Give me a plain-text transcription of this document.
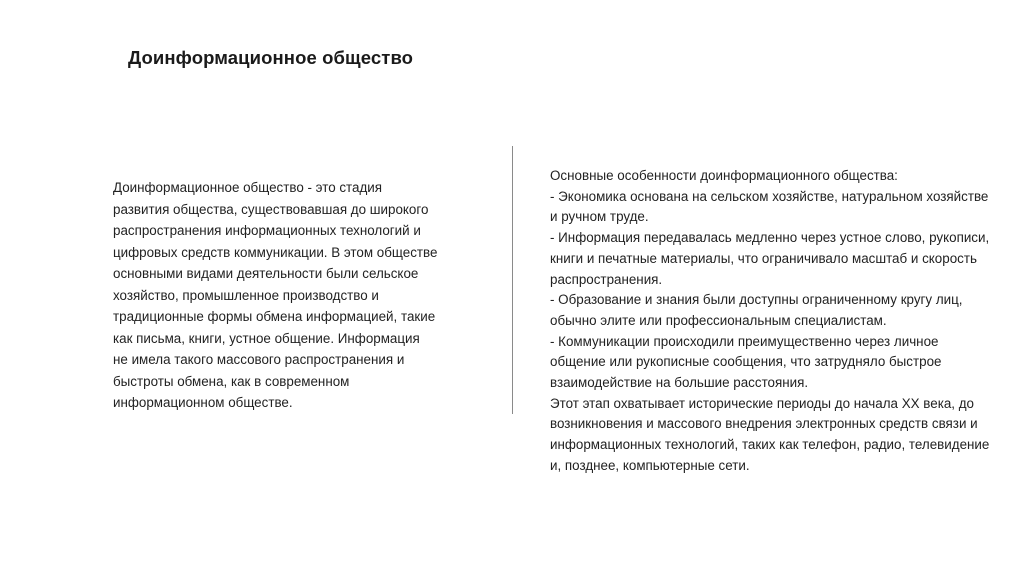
Доинформационное общество
Доинформационное общество - это стадия
развития общества, существовавшая до широкого
распространения информационных технологий и
цифровых средств коммуникации. В этом обществе
основными видами деятельности были сельское
хозяйство, промышленное производство и
традиционные формы обмена информацией, такие
как письма, книги, устное общение. Информация
не имела такого массового распространения и
быстроты обмена, как в современном
информационном обществе.
Основные особенности доинформационного общества:
- Экономика основана на сельском хозяйстве, натуральном хозяйстве
и ручном труде.
- Информация передавалась медленно через устное слово, рукописи,
книги и печатные материалы, что ограничивало масштаб и скорость
распространения.
- Образование и знания были доступны ограниченному кругу лиц,
обычно элите или профессиональным специалистам.
- Коммуникации происходили преимущественно через личное
общение или рукописные сообщения, что затрудняло быстрое
взаимодействие на большие расстояния.
Этот этап охватывает исторические периоды до начала XX века, до
возникновения и массового внедрения электронных средств связи и
информационных технологий, таких как телефон, радио, телевидение
и, позднее, компьютерные сети.
